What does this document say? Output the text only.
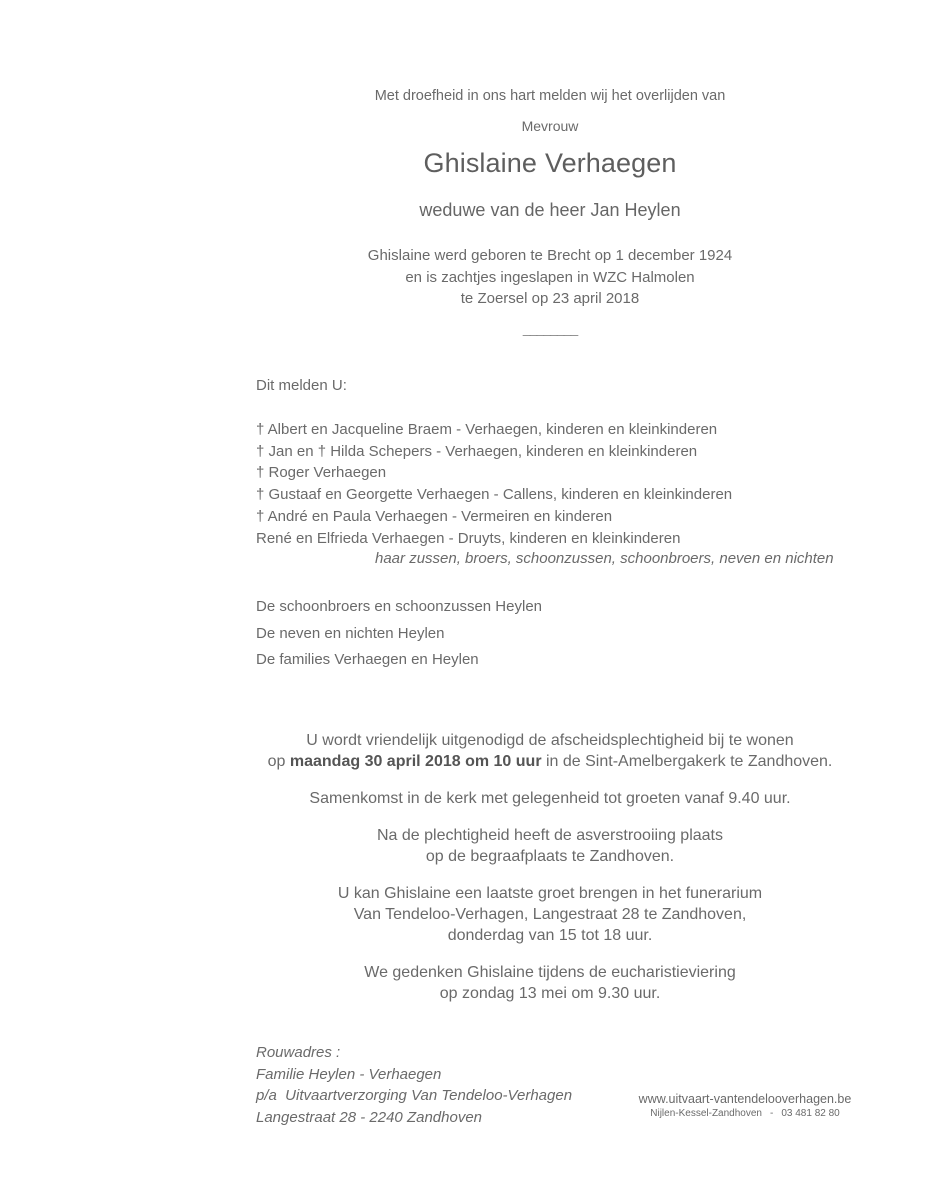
Met droefheid in ons hart melden wij het overlijden van
Mevrouw
Ghislaine Verhaegen
weduwe van de heer Jan Heylen
Ghislaine werd geboren te Brecht op 1 december 1924
en is zachtjes ingeslapen in WZC Halmolen
te Zoersel op 23 april 2018
________
Dit melden U:
† Albert en Jacqueline Braem - Verhaegen, kinderen en kleinkinderen
† Jan en † Hilda Schepers - Verhaegen, kinderen en kleinkinderen
† Roger Verhaegen
† Gustaaf en Georgette Verhaegen - Callens, kinderen en kleinkinderen
† André en Paula Verhaegen - Vermeiren en kinderen
René en Elfrieda Verhaegen - Druyts, kinderen en kleinkinderen
haar zussen, broers, schoonzussen, schoonbroers, neven en nichten
De schoonbroers en schoonzussen Heylen
De neven en nichten Heylen
De families Verhaegen en Heylen

U wordt vriendelijk uitgenodigd de afscheidsplechtigheid bij te wonen
op maandag 30 april 2018 om 10 uur in de Sint-Amelbergakerk te Zandhoven.

Samenkomst in de kerk met gelegenheid tot groeten vanaf 9.40 uur.

Na de plechtigheid heeft de asverstrooiing plaats
op de begraafplaats te Zandhoven.

U kan Ghislaine een laatste groet brengen in het funerarium
Van Tendeloo-Verhagen, Langestraat 28 te Zandhoven,
donderdag van 15 tot 18 uur.

We gedenken Ghislaine tijdens de eucharistieviering
op zondag 13 mei om 9.30 uur.

Rouwadres :
Familie Heylen - Verhaegen
p/a  Uitvaartverzorging Van Tendeloo-Verhagen
Langestraat 28 - 2240 Zandhoven
www.uitvaart-vantendelooverhagen.be
Nijlen-Kessel-Zandhoven - 03 481 82 80
